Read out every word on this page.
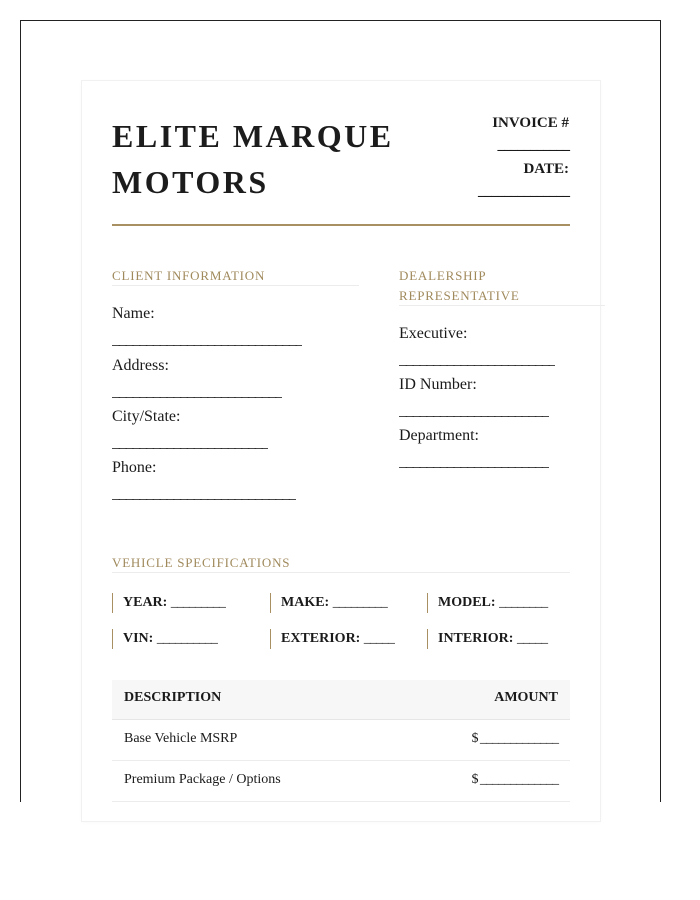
ELITE MARQUE
MOTORS
INVOICE #
___________
DATE:
______________
CLIENT INFORMATION
Name:
____________________________
Address:
_________________________
City/State:
_______________________
Phone:
___________________________
DEALERSHIP
REPRESENTATIVE
Executive:
_______________________
ID Number:
______________________
Department:
______________________
VEHICLE SPECIFICATIONS
YEAR: _________	MAKE: _________	MODEL: ________
VIN: __________	EXTERIOR: _____	INTERIOR: _____
DESCRIPTION	AMOUNT
Base Vehicle MSRP	$ _____________
Premium Package / Options	$ _____________
